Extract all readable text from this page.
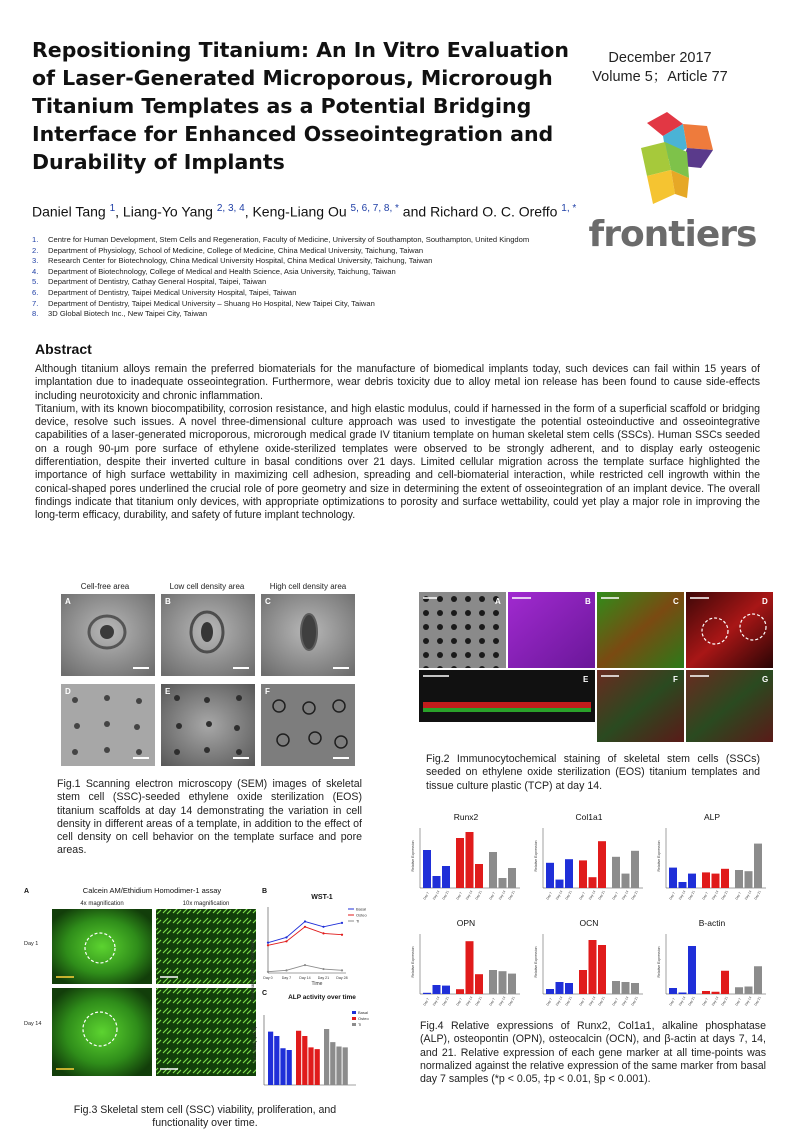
Repositioning Titanium: An In Vitro Evaluation of Laser-Generated Microporous, Microrough Titanium Templates as a Potential Bridging Interface for Enhanced Osseointegration and Durability of Implants
December 2017
Volume 5；Article 77
frontiers
Daniel Tang $^1$, Liang-Yo Yang $^{2, 3, 4}$, Keng-Liang Ou $^{5, 6, 7, 8, *}$ and Richard O. C. Oreffo $^{1, *}$
1.	Centre for Human Development, Stem Cells and Regeneration, Faculty of Medicine, University of Southampton, Southampton, United Kingdom
2.	Department of Physiology, School of Medicine, College of Medicine, China Medical University, Taichung, Taiwan
3.	Research Center for Biotechnology, China Medical University Hospital, China Medical University, Taichung, Taiwan
4.	Department of Biotechnology, College of Medical and Health Science, Asia University, Taichung, Taiwan
5.	Department of Dentistry, Cathay General Hospital, Taipei, Taiwan
6.	Department of Dentistry, Taipei Medical University Hospital, Taipei, Taiwan
7.	Department of Dentistry, Taipei Medical University – Shuang Ho Hospital, New Taipei City, Taiwan
8.	3D Global Biotech Inc., New Taipei City, Taiwan
Abstract

Although titanium alloys remain the preferred biomaterials for the manufacture of biomedical implants today, such devices can fail within 15 years of implantation due to inadequate osseointegration. Furthermore, wear debris toxicity due to alloy metal ion release has been found to cause side-effects including neurotoxicity and chronic inflammation.

Titanium, with its known biocompatibility, corrosion resistance, and high elastic modulus, could if harnessed in the form of a superficial scaffold or bridging device, resolve such issues. A novel three-dimensional culture approach was used to investigate the potential osteoinductive and osseointegrative capabilities of a laser-generated microporous, microrough medical grade IV titanium template on human skeletal stem cells (SSCs). Human SSCs seeded on a rough 90-μm pore surface of ethylene oxide-sterilized templates were observed to be strongly adherent, and to display early osteogenic differentiation, despite their inverted culture in basal conditions over 21 days. Limited cellular migration across the template surface highlighted the importance of high surface wettability in maximizing cell adhesion, spreading and cell-biomaterial interaction, while restricted cell ingrowth within the conical-shaped pores underlined the crucial role of pore geometry and size in determining the extent of osseointegration of an implant device. The overall findings indicate that titanium only devices, with appropriate optimizations to porosity and surface wettability, could yet play a major role in improving the long-term efficacy, durability, and safety of future implant technology.

Cell-free area	Low cell density area	High cell density area
A	B	C
D	E	F
Fig.1 Scanning electron microscopy (SEM) images of skeletal stem cell (SSC)-seeded ethylene oxide sterilization (EOS) titanium scaffolds at day 14 demonstrating the variation in cell density in different areas of a template, in addition to the effect of cell density on cell behavior on the template surface and pore areas.
A	B	C	D
E	F	G
Fig.2 Immunocytochemical staining of skeletal stem cells (SSCs) seeded on ethylene oxide sterilization (EOS) titanium templates and tissue culture plastic (TCP) at day 14.
A	Calcein AM/Ethidium Homodimer-1 assay
4x magnification	10x magnification
Day 1
Day 14
B
WST-1
Absorbance (OD = 450/690nm)	Time
Day 0	Day 7 Day 14 Day 21 Day 28
Basal
Osteo
Ti
C
ALP activity over time
ALP activity (U/ml)
Basal
Osteo
Ti
Fig.3 Skeletal stem cell (SSC) viability, proliferation, and functionality over time.
Runx2
Relative Expression
Day 7 Day 14 Day 21 Day 7 Day 14 Day 21 Day 7 Day 14 Day 21
Col1a1
Relative Expression
Day 7 Day 14 Day 21 Day 7 Day 14 Day 21 Day 7 Day 14 Day 21
ALP
Relative Expression
Day 7 Day 14 Day 21 Day 7 Day 14 Day 21 Day 7 Day 14 Day 21
OPN
Relative Expression
Day 7 Day 14 Day 21 Day 7 Day 14 Day 21 Day 7 Day 14 Day 21
OCN
Relative Expression
Day 7 Day 14 Day 21 Day 7 Day 14 Day 21 Day 7 Day 14 Day 21
B-actin
Relative Expression
Day 7 Day 14 Day 21 Day 7 Day 14 Day 21 Day 7 Day 14 Day 21
Fig.4 Relative expressions of Runx2, Col1a1, alkaline phosphatase (ALP), osteopontin (OPN), osteocalcin (OCN), and β-actin at days 7, 14, and 21. Relative expression of each gene marker at all time-points was normalized against the relative expression of the same marker from basal day 7 samples (*p < 0.05, ‡p < 0.01, §p < 0.001).
